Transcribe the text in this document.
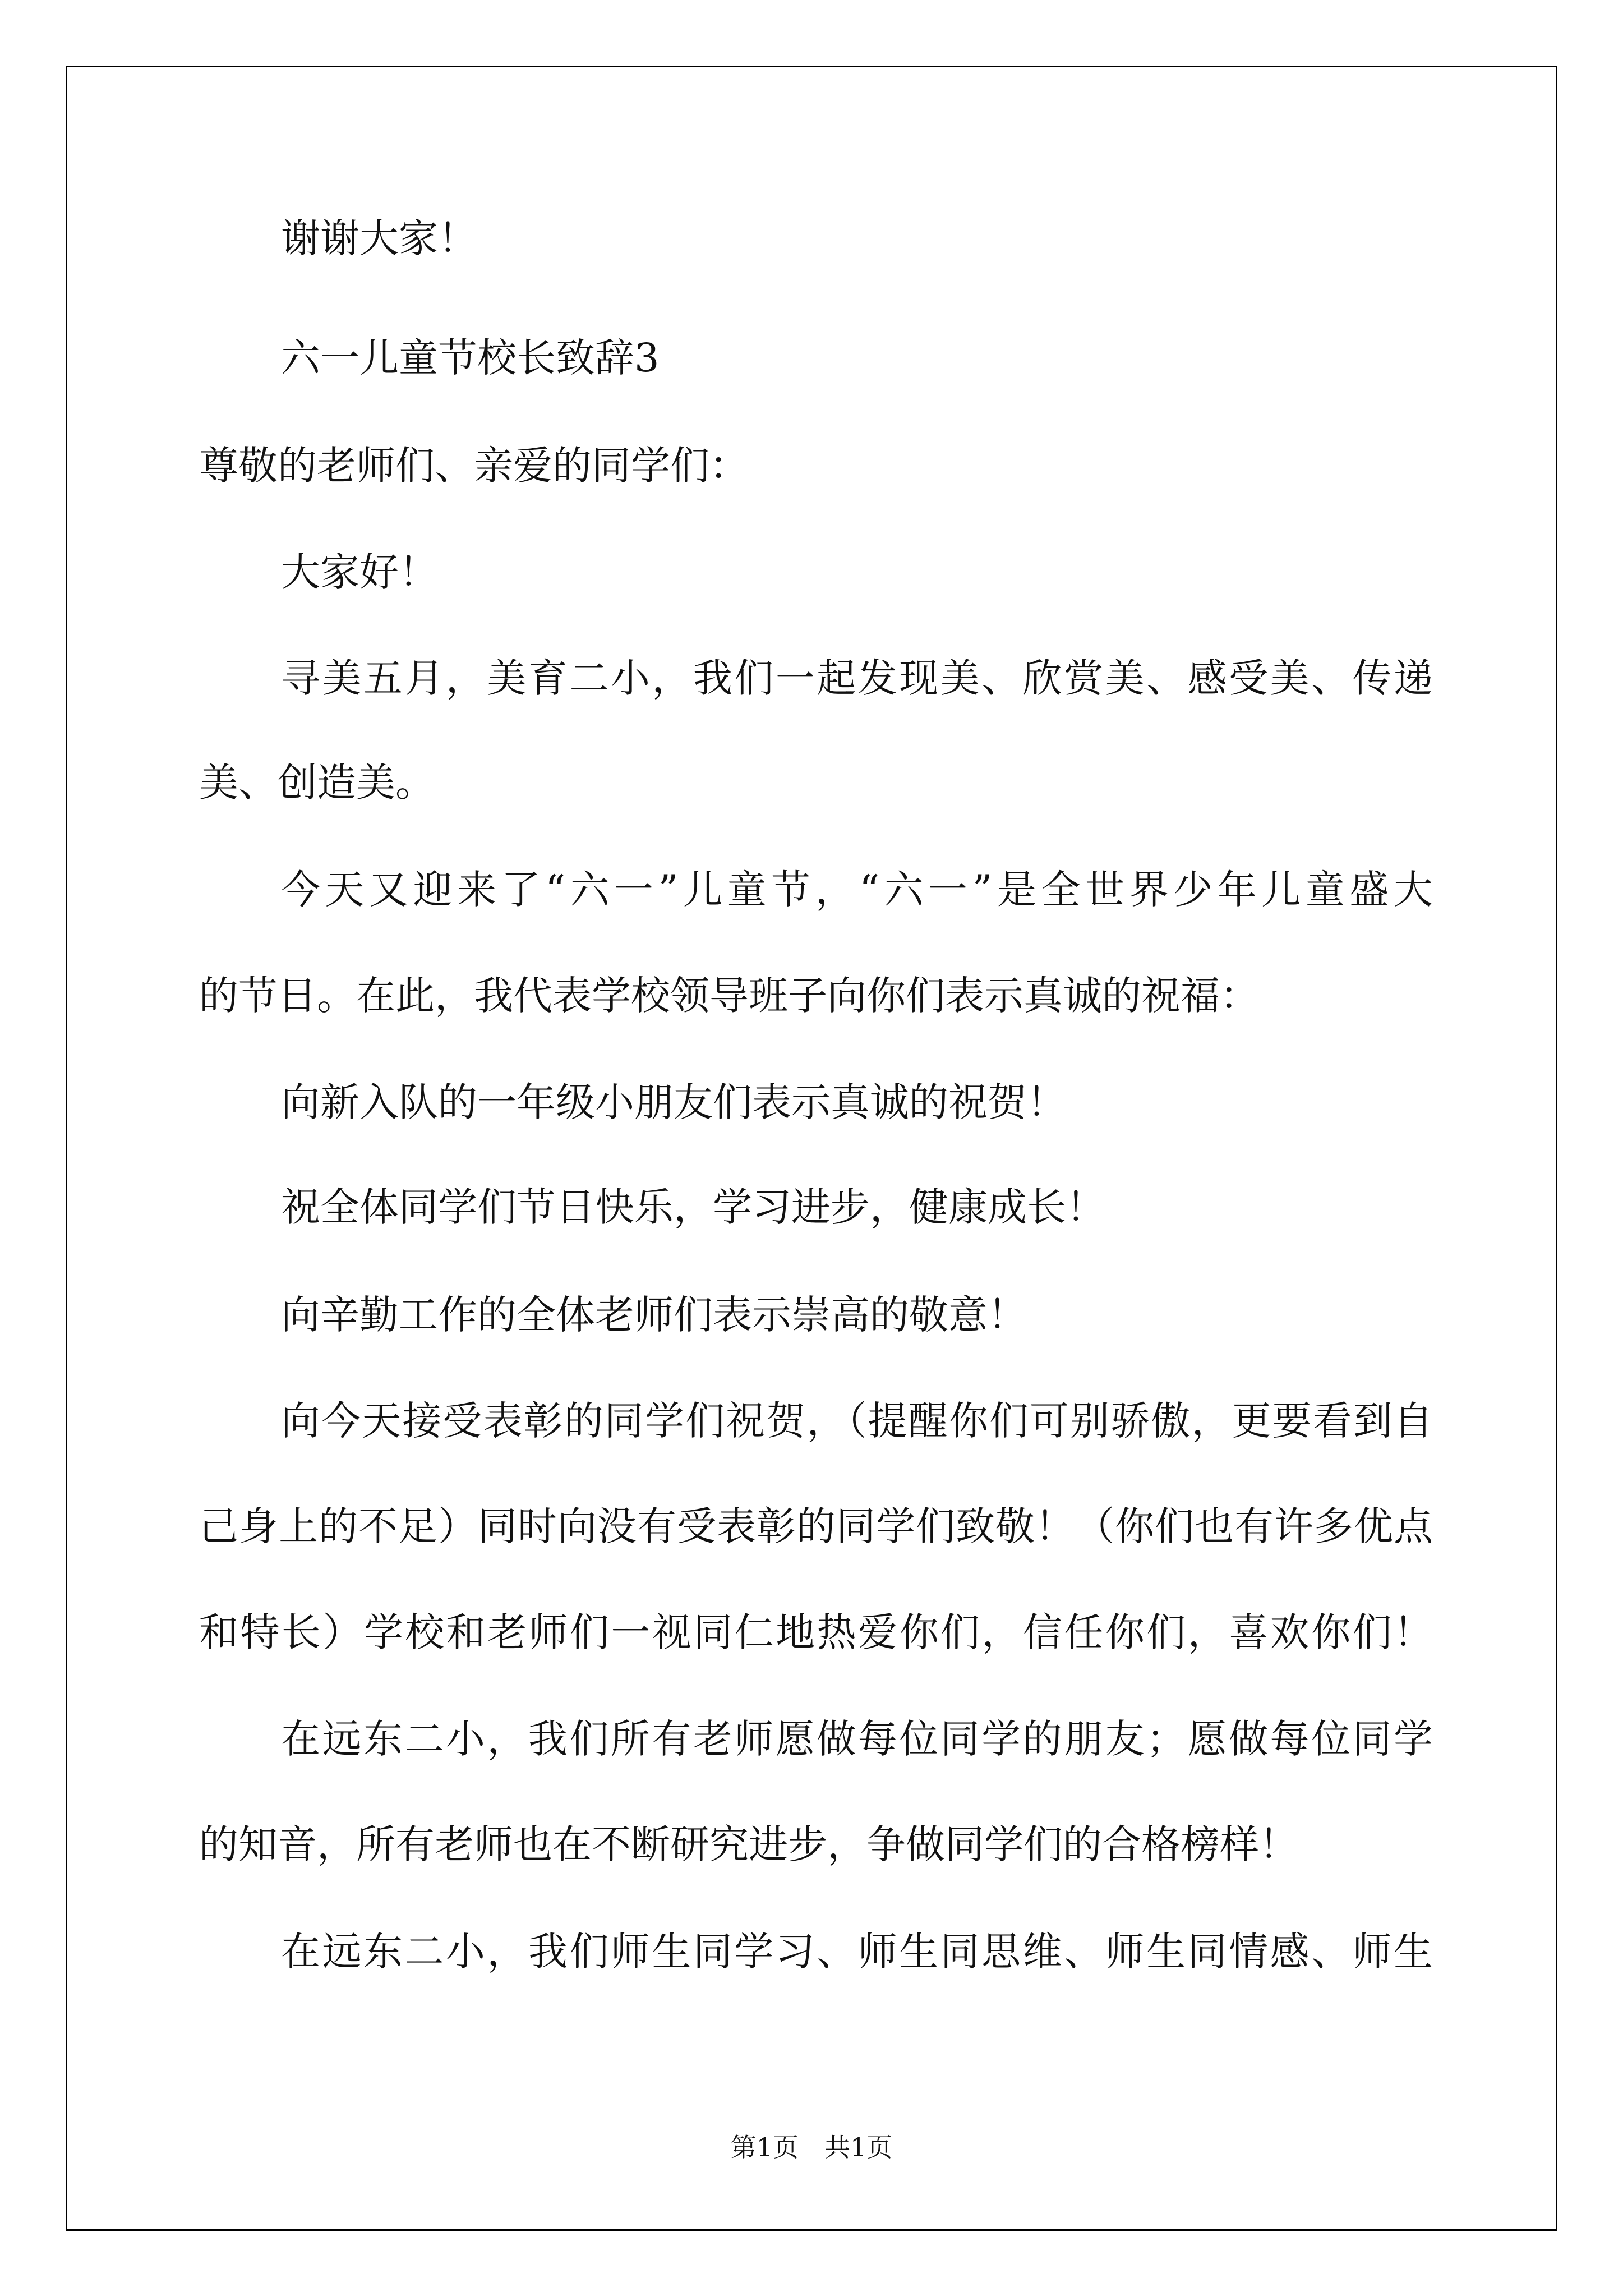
谢谢大家！
六一儿童节校长致辞3
尊敬的老师们、亲爱的同学们：
大家好！
寻美五月，美育二小，我们一起发现美、欣赏美、感受美、传递
美、创造美。
今天又迎来了“六一”儿童节，“六一”是全世界少年儿童盛大
的节日。在此，我代表学校领导班子向你们表示真诚的祝福：
向新入队的一年级小朋友们表示真诚的祝贺！
祝全体同学们节日快乐，学习进步，健康成长！
向辛勤工作的全体老师们表示崇高的敬意！
向今天接受表彰的同学们祝贺，（提醒你们可别骄傲，更要看到自
己身上的不足）同时向没有受表彰的同学们致敬！（你们也有许多优点
和特长）学校和老师们一视同仁地热爱你们，信任你们，喜欢你们！
在远东二小，我们所有老师愿做每位同学的朋友；愿做每位同学
的知音，所有老师也在不断研究进步，争做同学们的合格榜样！
在远东二小，我们师生同学习、师生同思维、师生同情感、师生
第1页　共1页
